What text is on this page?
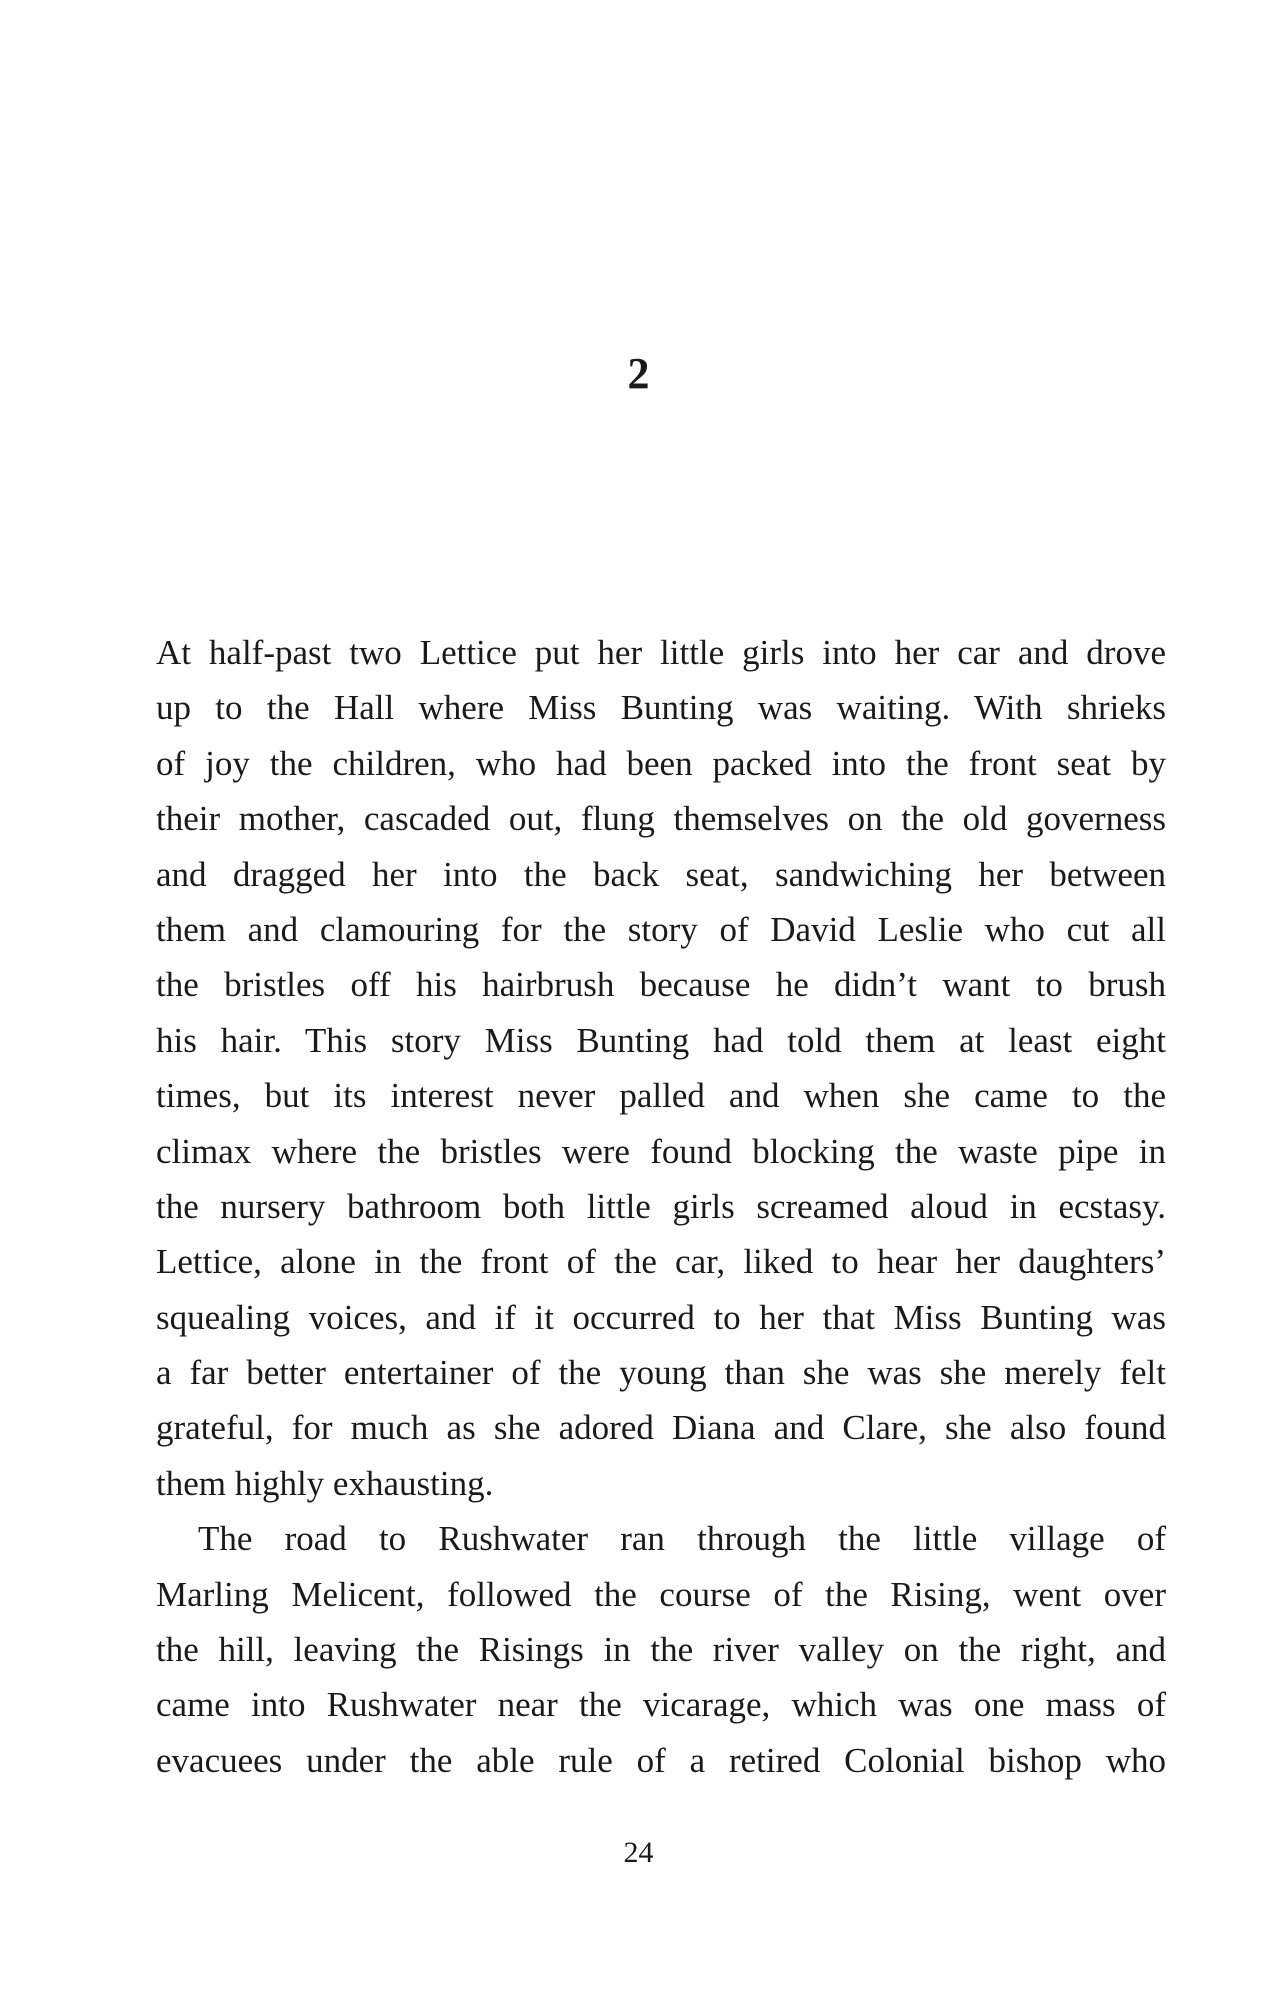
2
At half-past two Lettice put her little girls into her car and drove
up to the Hall where Miss Bunting was waiting. With shrieks
of joy the children, who had been packed into the front seat by
their mother, cascaded out, flung themselves on the old governess
and dragged her into the back seat, sandwiching her between
them and clamouring for the story of David Leslie who cut all
the bristles off his hairbrush because he didn’t want to brush
his hair. This story Miss Bunting had told them at least eight
times, but its interest never palled and when she came to the
climax where the bristles were found blocking the waste pipe in
the nursery bathroom both little girls screamed aloud in ecstasy.
Lettice, alone in the front of the car, liked to hear her daughters’
squealing voices, and if it occurred to her that Miss Bunting was
a far better entertainer of the young than she was she merely felt
grateful, for much as she adored Diana and Clare, she also found
them highly exhausting.
The road to Rushwater ran through the little village of
Marling Melicent, followed the course of the Rising, went over
the hill, leaving the Risings in the river valley on the right, and
came into Rushwater near the vicarage, which was one mass of
evacuees under the able rule of a retired Colonial bishop who
24
